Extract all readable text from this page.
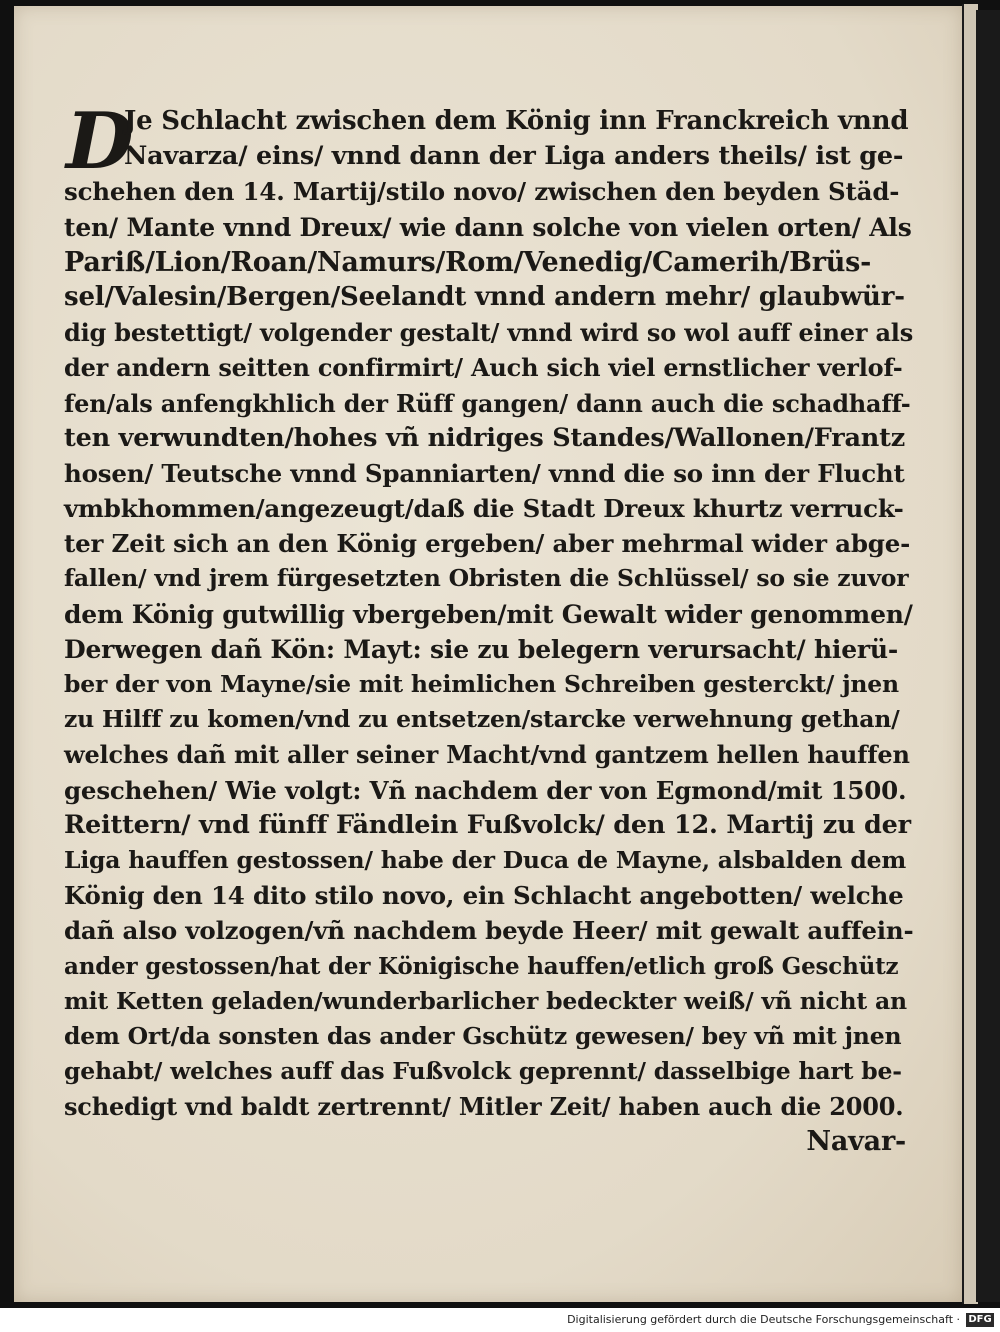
D
Je Schlacht zwischen dem König inn Franckreich vnnd
Navarza/ eins/ vnnd dann der Liga anders theils/ ist ge-
schehen den 14. Martij/stilo novo/ zwischen den beyden Städ-
ten/ Mante vnnd Dreux/ wie dann solche von vielen orten/ Als
Pariß/Lion/Roan/Namurs/Rom/Venedig/Camerih/Brüs-
sel/Valesin/Bergen/Seelandt vnnd andern mehr/ glaubwür-
dig bestettigt/ volgender gestalt/ vnnd wird so wol auff einer als
der andern seitten confirmirt/ Auch sich viel ernstlicher verlof-
fen/als anfengkhlich der Rüff gangen/ dann auch die schadhaff-
ten verwundten/hohes vñ nidriges Standes/Wallonen/Frantz
hosen/ Teutsche vnnd Spanniarten/ vnnd die so inn der Flucht
vmbkhommen/angezeugt/daß die Stadt Dreux khurtz verruck-
ter Zeit sich an den König ergeben/ aber mehrmal wider abge-
fallen/ vnd jrem fürgesetzten Obristen die Schlüssel/ so sie zuvor
dem König gutwillig vbergeben/mit Gewalt wider genommen/
Derwegen dañ Kön: Mayt: sie zu belegern verursacht/ hierü-
ber der von Mayne/sie mit heimlichen Schreiben gesterckt/ jnen
zu Hilff zu komen/vnd zu entsetzen/starcke verwehnung gethan/
welches dañ mit aller seiner Macht/vnd gantzem hellen hauffen
geschehen/ Wie volgt: Vñ nachdem der von Egmond/mit 1500.
Reittern/ vnd fünff Fändlein Fußvolck/ den 12. Martij zu der
Liga hauffen gestossen/ habe der Duca de Mayne, alsbalden dem
König den 14 dito stilo novo, ein Schlacht angebotten/ welche
dañ also volzogen/vñ nachdem beyde Heer/ mit gewalt auffein-
ander gestossen/hat der Königische hauffen/etlich groß Geschütz
mit Ketten geladen/wunderbarlicher bedeckter weiß/ vñ nicht an
dem Ort/da sonsten das ander Gschütz gewesen/ bey vñ mit jnen
gehabt/ welches auff das Fußvolck geprennt/ dasselbige hart be-
schedigt vnd baldt zertrennt/ Mitler Zeit/ haben auch die 2000.
Navar-
Digitalisierung gefördert durch die Deutsche Forschungsgemeinschaft · DFG
